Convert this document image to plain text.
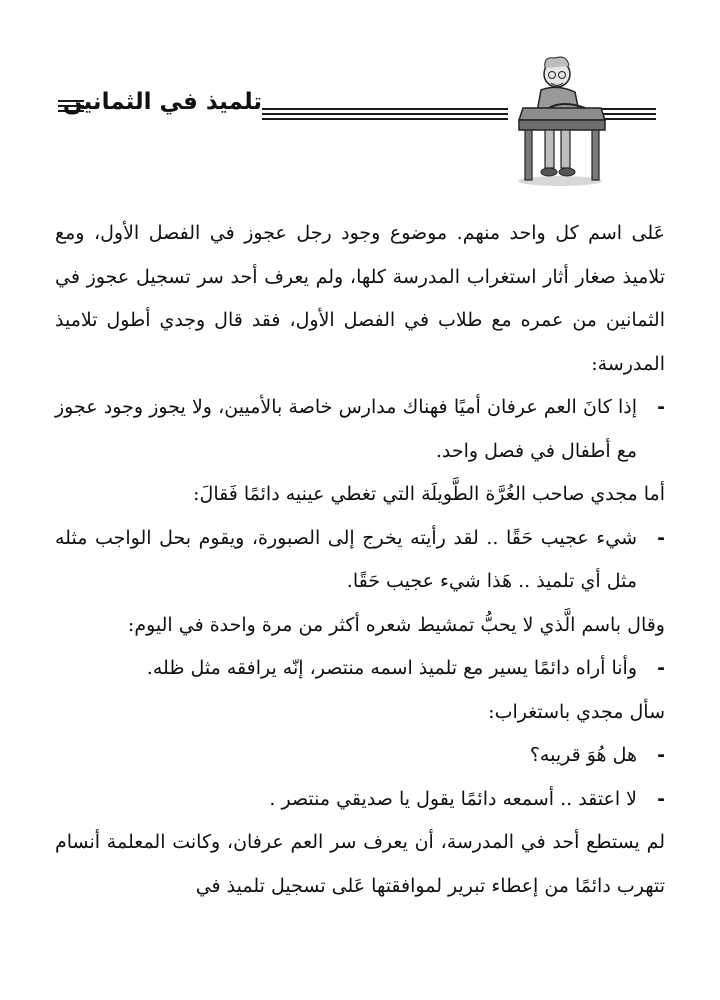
تلميذ في الثمانين

عَلى اسم كل واحد منهم. موضوع وجود رجل عجوز في الفصل الأول، ومع تلاميذ صغار أثار استغراب المدرسة كلها، ولم يعرف أحد سر تسجيل عجوز في الثمانين من عمره مع طلاب في الفصل الأول، فقد قال وجدي أطول تلاميذ المدرسة:

-
إذا كانَ العم عرفان أميًا فهناك مدارس خاصة بالأميين، ولا يجوز وجود عجوز مع أطفال في فصل واحد.

أما مجدي صاحب الغُرَّة الطَّويلَة التي تغطي عينيه دائمًا فَقالَ:

-
شيء عجيب حَقًا .. لقد رأيته يخرج إلى الصبورة، ويقوم بحل الواجب مثله مثل أي تلميذ .. هَذا شيء عجيب حَقًا.

وقال باسم الَّذي لا يحبُّ تمشيط شعره أكثر من مرة واحدة في اليوم:

-
وأنا أراه دائمًا يسير مع تلميذ اسمه منتصر، إنّه يرافقه مثل ظله.

سأل مجدي باستغراب:

-
هل هُوَ قريبه؟

-
لا اعتقد .. أسمعه دائمًا يقول يا صديقي منتصر .

لم يستطع أحد في المدرسة، أن يعرف سر العم عرفان، وكانت المعلمة أنسام تتهرب دائمًا من إعطاء تبرير لموافقتها عَلى تسجيل تلميذ في
